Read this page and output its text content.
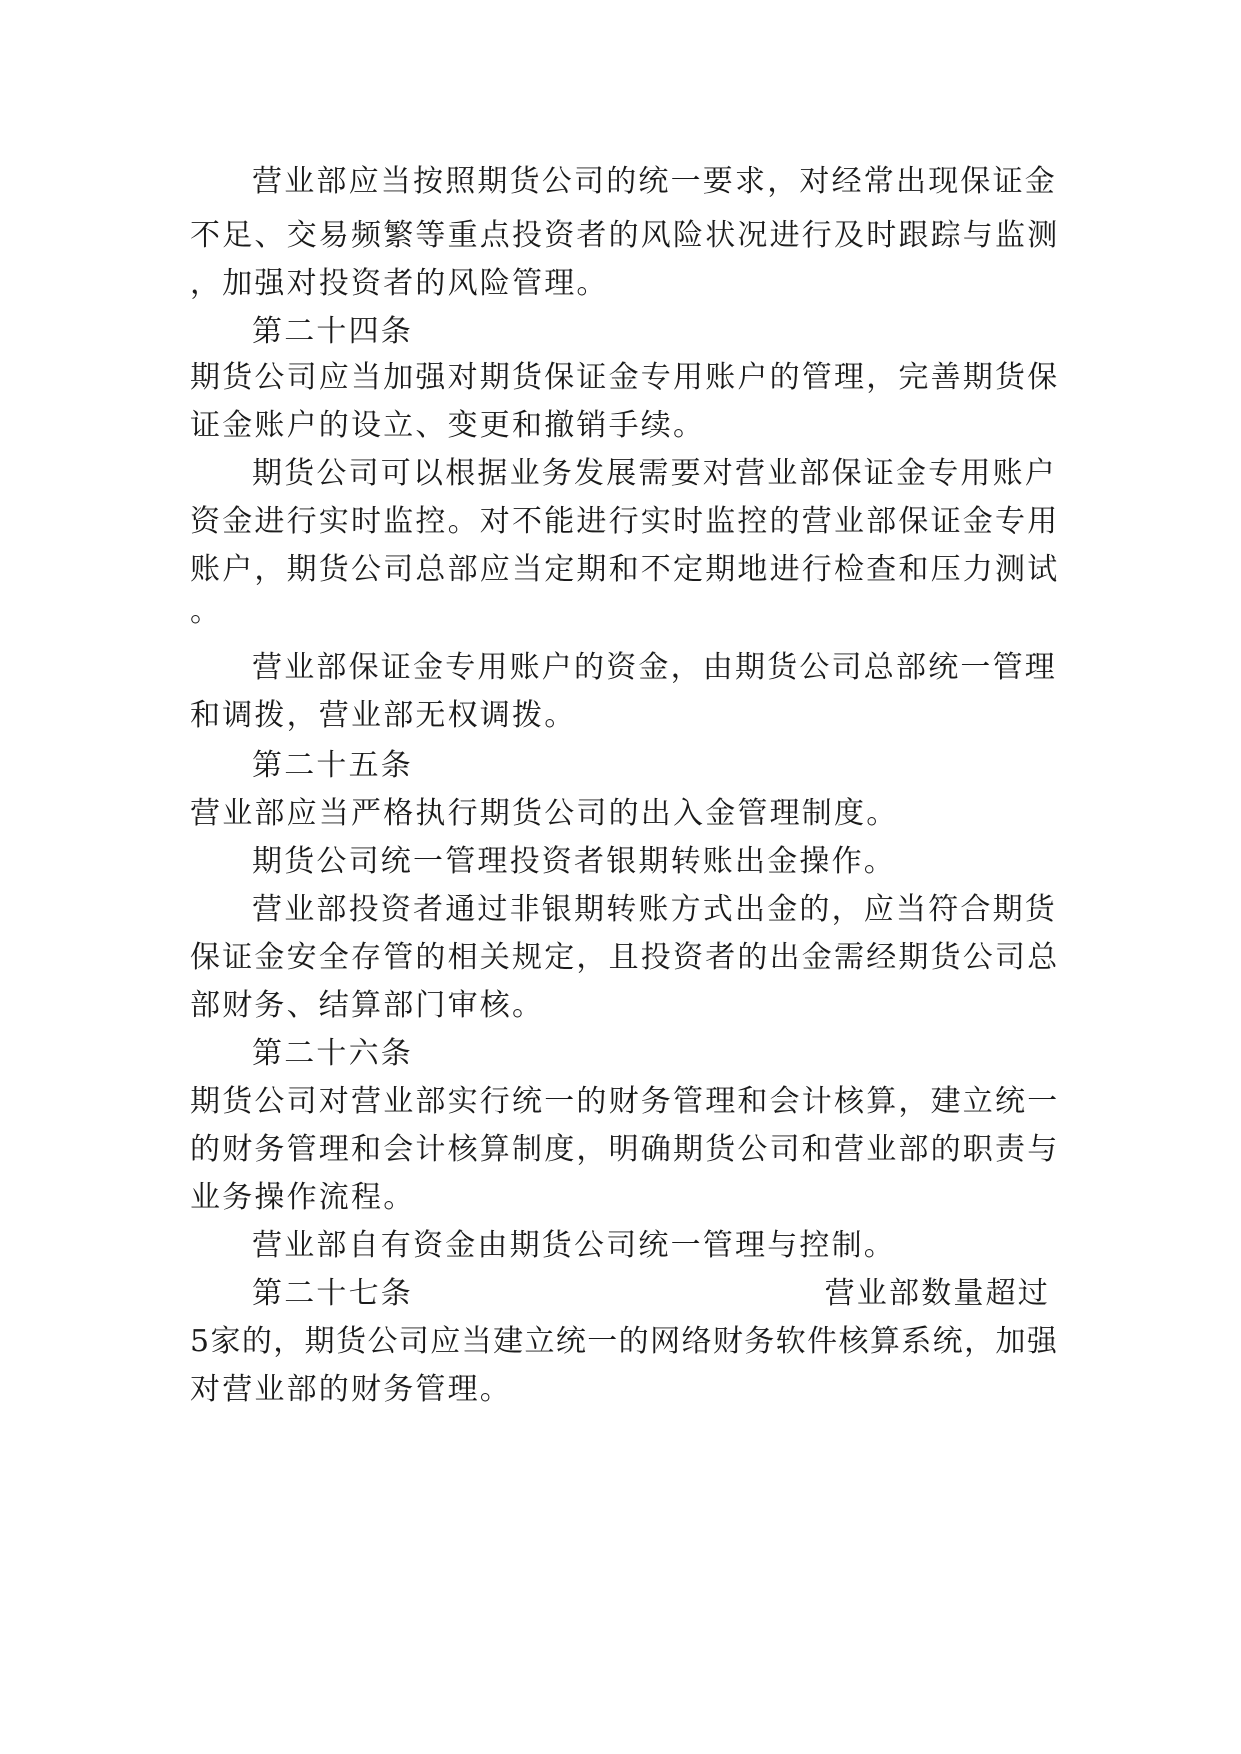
营业部应当按照期货公司的统一要求，对经常出现保证金
不足、交易频繁等重点投资者的风险状况进行及时跟踪与监测
，加强对投资者的风险管理。
第二十四条
期货公司应当加强对期货保证金专用账户的管理，完善期货保
证金账户的设立、变更和撤销手续。
期货公司可以根据业务发展需要对营业部保证金专用账户
资金进行实时监控。对不能进行实时监控的营业部保证金专用
账户，期货公司总部应当定期和不定期地进行检查和压力测试
。
营业部保证金专用账户的资金，由期货公司总部统一管理
和调拨，营业部无权调拨。
第二十五条
营业部应当严格执行期货公司的出入金管理制度。
期货公司统一管理投资者银期转账出金操作。
营业部投资者通过非银期转账方式出金的，应当符合期货
保证金安全存管的相关规定，且投资者的出金需经期货公司总
部财务、结算部门审核。
第二十六条
期货公司对营业部实行统一的财务管理和会计核算，建立统一
的财务管理和会计核算制度，明确期货公司和营业部的职责与
业务操作流程。
营业部自有资金由期货公司统一管理与控制。
第二十七条	营业部数量超过
5家的，期货公司应当建立统一的网络财务软件核算系统，加强
对营业部的财务管理。
